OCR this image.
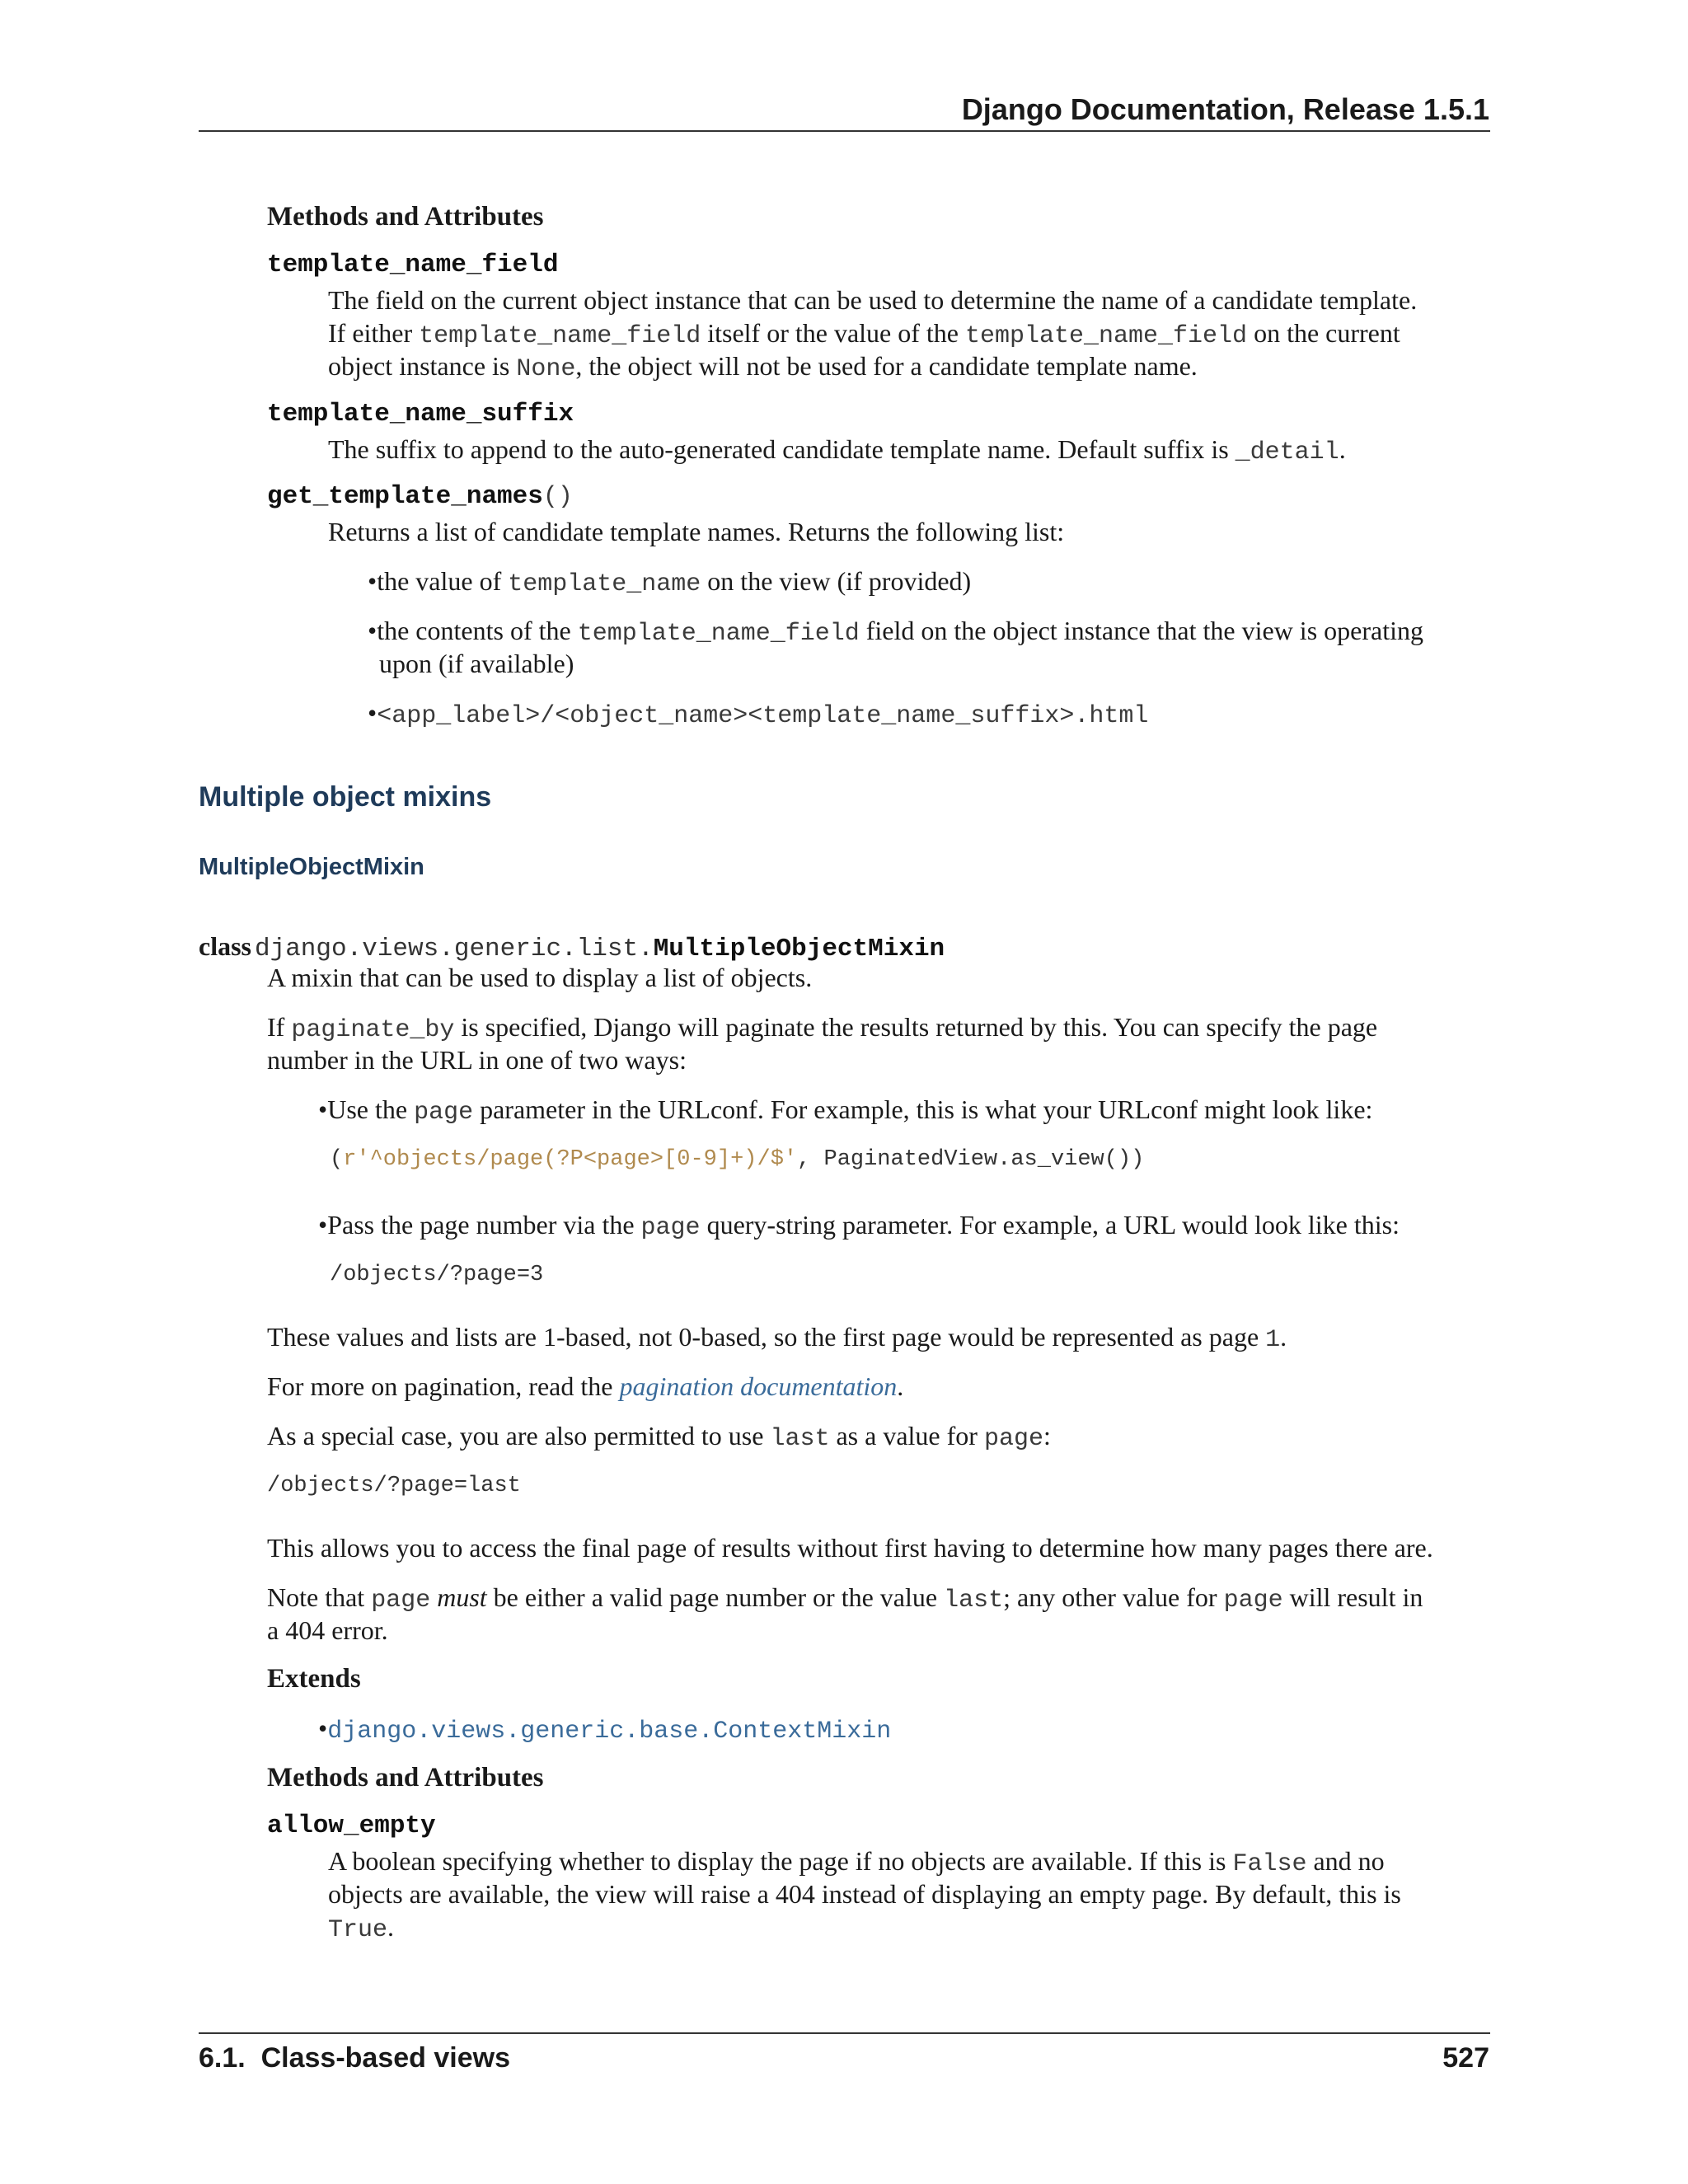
Django Documentation, Release 1.5.1
Methods and Attributes
template_name_field
The field on the current object instance that can be used to determine the name of a candidate template.
If either template_name_field itself or the value of the template_name_field on the current
object instance is None, the object will not be used for a candidate template name.
template_name_suffix
The suffix to append to the auto-generated candidate template name. Default suffix is _detail.
get_template_names()
Returns a list of candidate template names. Returns the following list:
•the value of template_name on the view (if provided)
•the contents of the template_name_field field on the object instance that the view is operating
upon (if available)
•<app_label>/<object_name><template_name_suffix>.html
Multiple object mixins
MultipleObjectMixin
class django.views.generic.list.MultipleObjectMixin
A mixin that can be used to display a list of objects.
If paginate_by is specified, Django will paginate the results returned by this. You can specify the page
number in the URL in one of two ways:
•Use the page parameter in the URLconf. For example, this is what your URLconf might look like:
(r'^objects/page(?P<page>[0-9]+)/$', PaginatedView.as_view())
•Pass the page number via the page query-string parameter. For example, a URL would look like this:
/objects/?page=3
These values and lists are 1-based, not 0-based, so the first page would be represented as page 1.
For more on pagination, read the pagination documentation.
As a special case, you are also permitted to use last as a value for page:
/objects/?page=last
This allows you to access the final page of results without first having to determine how many pages there are.
Note that page must be either a valid page number or the value last; any other value for page will result in
a 404 error.
Extends
•django.views.generic.base.ContextMixin
Methods and Attributes
allow_empty
A boolean specifying whether to display the page if no objects are available. If this is False and no
objects are available, the view will raise a 404 instead of displaying an empty page. By default, this is
True.
6.1.  Class-based views	527
